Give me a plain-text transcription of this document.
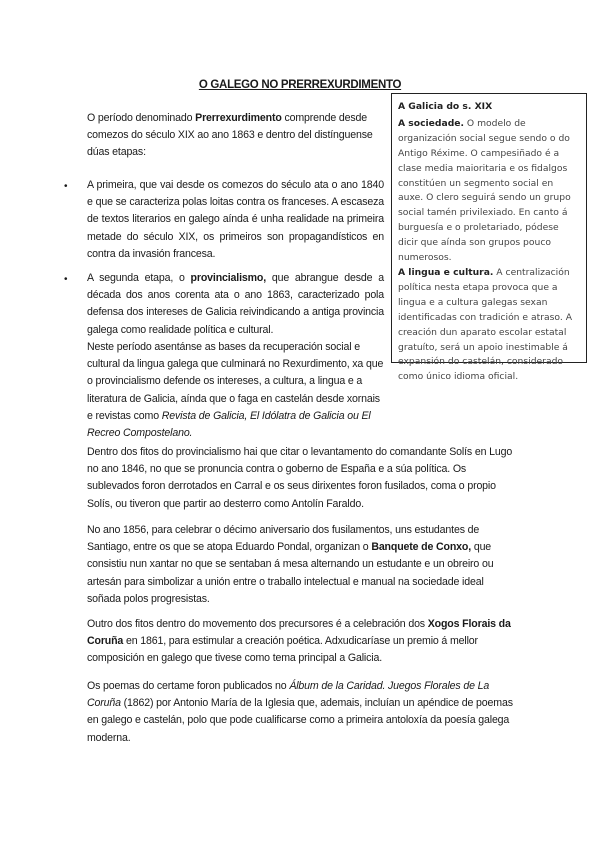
O GALEGO NO PRERREXURDIMENTO

O período denominado Prerrexurdimento comprende desde comezos do século XIX ao ano 1863 e dentro del distínguense dúas etapas:

• A primeira, que vai desde os comezos do século ata o ano 1840 e que se caracteriza polas loitas contra os franceses. A escaseza de textos literarios en galego aínda é unha realidade na primeira metade do século XIX, os primeiros son propagandísticos en contra da invasión francesa.

• A segunda etapa, o provincialismo, que abrangue desde a década dos anos corenta ata o ano 1863, caracterizado pola defensa dos intereses de Galicia reivindicando a antiga provincia galega como realidade política e cultural.

Neste período asentánse as bases da recuperación social e cultural da lingua galega que culminará no Rexurdimento, xa que o provincialismo defende os intereses, a cultura, a lingua e a literatura de Galicia, aínda que o faga en castelán desde xornais e revistas como Revista de Galicia, El Idólatra de Galicia ou El Recreo Compostelano.

Dentro dos fitos do provincialismo hai que citar o levantamento do comandante Solís en Lugo no ano 1846, no que se pronuncia contra o goberno de España e a súa política. Os sublevados foron derrotados en Carral e os seus dirixentes foron fusilados, coma o propio Solís, ou tiveron que partir ao desterro como Antolín Faraldo.

No ano 1856, para celebrar o décimo aniversario dos fusilamentos, uns estudantes de Santiago, entre os que se atopa Eduardo Pondal, organizan o Banquete de Conxo, que consistiu nun xantar no que se sentaban á mesa alternando un estudante e un obreiro ou artesán para simbolizar a unión entre o traballo intelectual e manual na sociedade ideal soñada polos progresistas.

Outro dos fitos dentro do movemento dos precursores é a celebración dos Xogos Florais da Coruña en 1861, para estimular a creación poética. Adxudicaríase un premio á mellor composición en galego que tivese como tema principal a Galicia.

Os poemas do certame foron publicados no Álbum de la Caridad. Juegos Florales de La Coruña (1862) por Antonio María de la Iglesia que, ademais, incluían un apéndice de poemas en galego e castelán, polo que pode cualificarse como a primeira antoloxía da poesía galega moderna.

A Galicia do s. XIX

A sociedade. O modelo de organización social segue sendo o do Antigo Réxime. O campesiñado é a clase media maioritaria e os fidalgos constitúen un segmento social en auxe. O clero seguirá sendo un grupo social tamén privilexiado. En canto á burguesía e o proletariado, pódese dicir que aínda son grupos pouco numerosos.

A lingua e cultura. A centralización política nesta etapa provoca que a lingua e a cultura galegas sexan identificadas con tradición e atraso. A creación dun aparato escolar estatal gratuíto, será un apoio inestimable á expansión do castelán, considerado como único idioma oficial.
